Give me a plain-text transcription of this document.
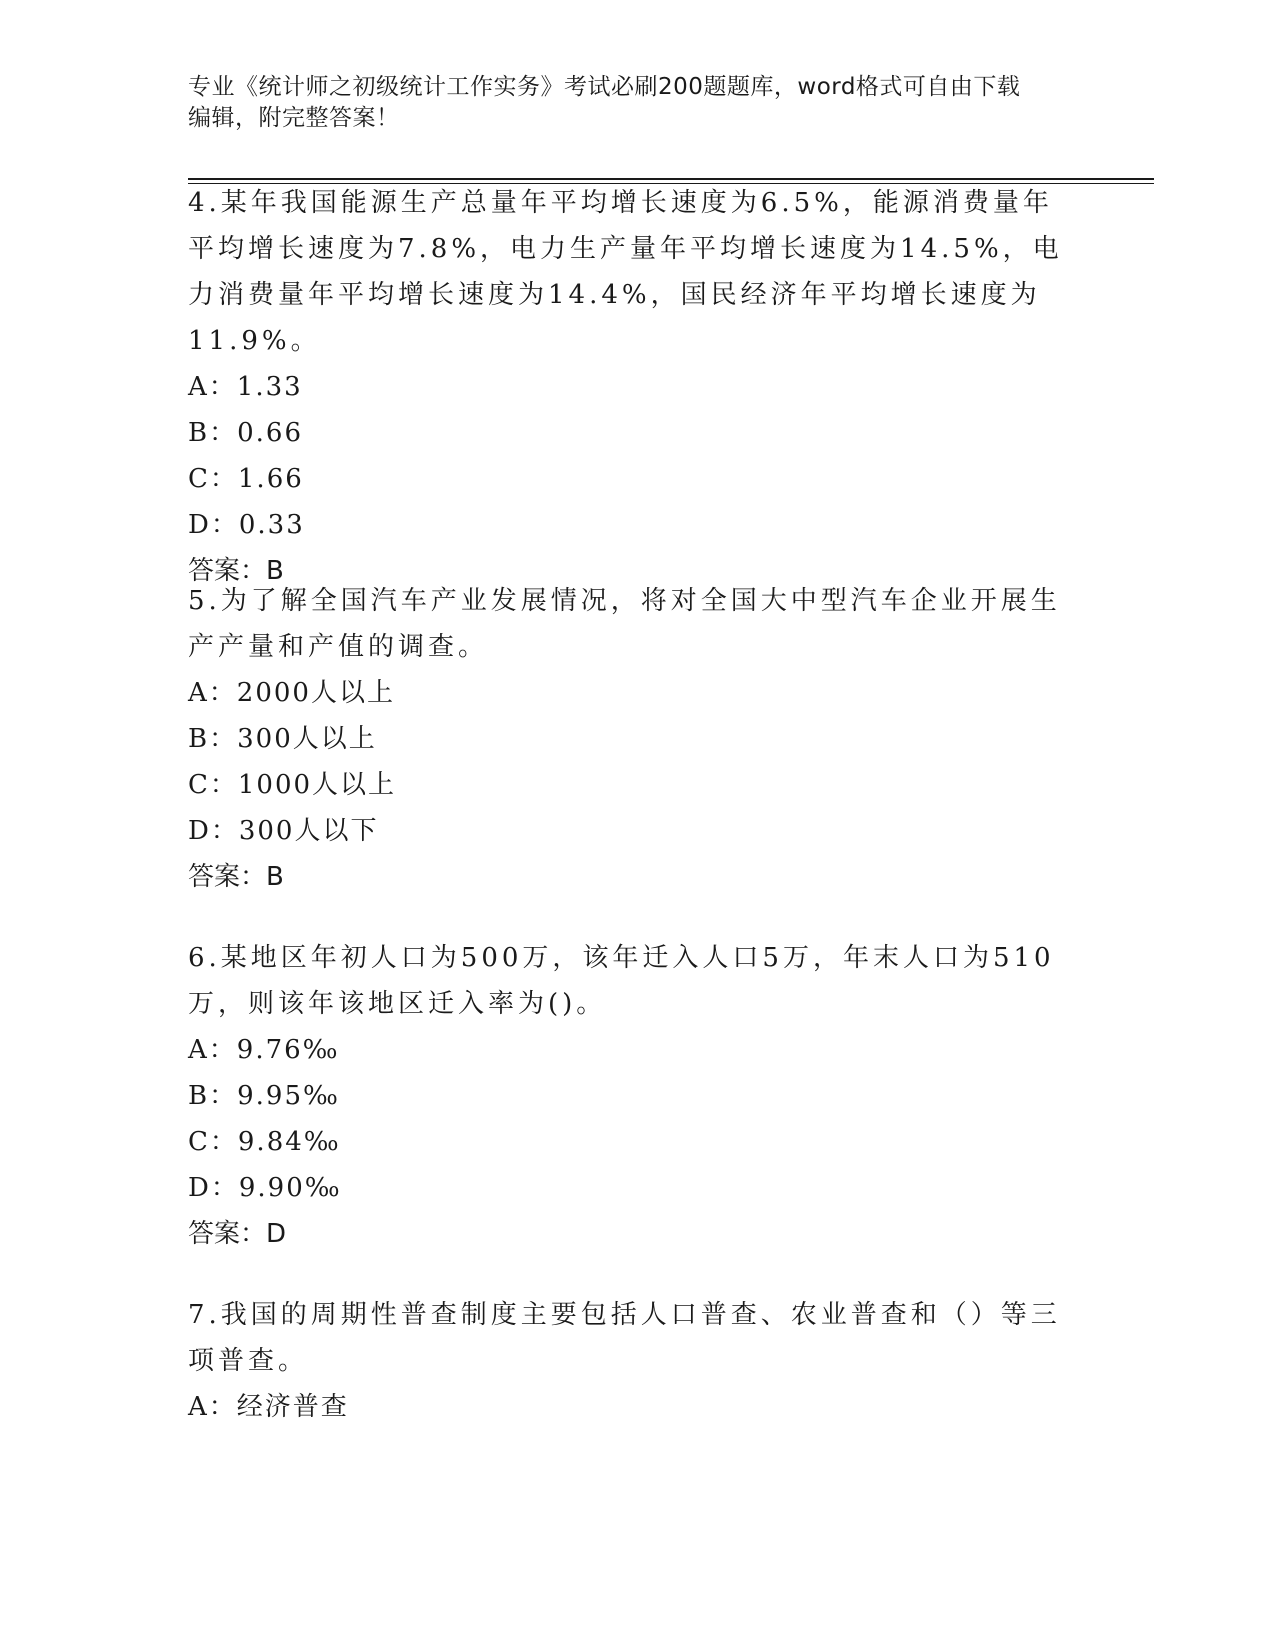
专业《统计师之初级统计工作实务》考试必刷200题题库，word格式可自由下载
编辑，附完整答案！

4.某年我国能源生产总量年平均增长速度为6.5%，能源消费量年平均增长速度为7.8%，电力生产量年平均增长速度为14.5%，电力消费量年平均增长速度为14.4%，国民经济年平均增长速度为11.9%。

A：1.33

B：0.66

C：1.66

D：0.33

答案：B

5.为了解全国汽车产业发展情况，将对全国大中型汽车企业开展生产产量和产值的调查。

A：2000人以上

B：300人以上

C：1000人以上

D：300人以下

答案：B

6.某地区年初人口为500万，该年迁入人口5万，年末人口为510万，则该年该地区迁入率为()。

A：9.76‰

B：9.95‰

C：9.84‰

D：9.90‰

答案：D

7.我国的周期性普查制度主要包括人口普查、农业普查和（）等三项普查。

A：经济普查
